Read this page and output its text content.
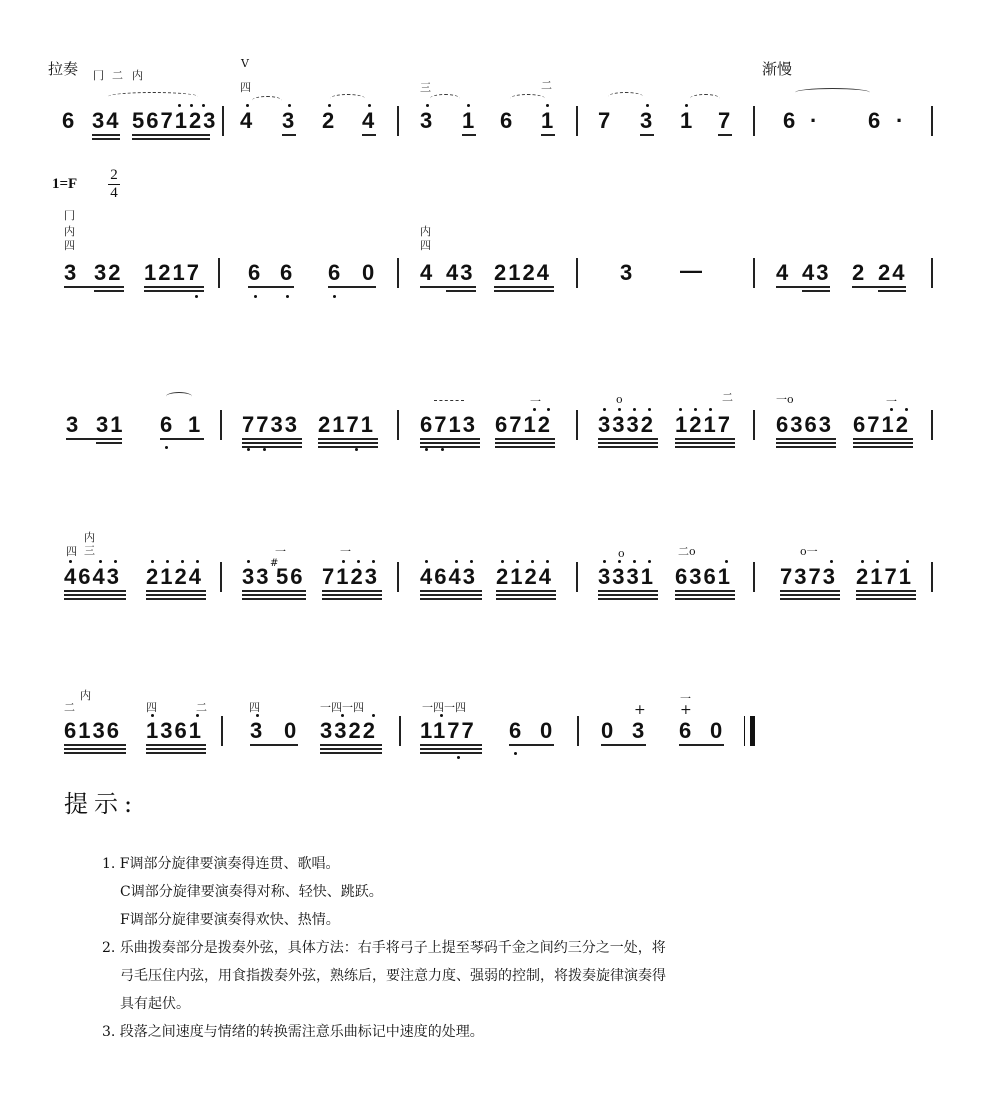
拉奏	渐慢
冂 二 内
V
四	三	二
6 34 567123 4 3 2 4 3 1 6 1 7 3 1 7 6 · 6 ·
1=F
2
4
冂
内
四
内
四
3 32 1217 6 6 6 0 4 43 2124	3 —	4 43 2 24
一	o	二	一o	一
3 31 6 1 7733 2171 6713 6712 3332 1217 6363 6712
内
四 三	一	一	o	二o	o一
4643 2124 33
#
56 7123 4643 2124 3331 6361 7373 2171
二
内
四	二	四	一四一四	一四一四	+
一
+
6136 1361 3 0 3322 1177 6 0 0 3 6 0
提示:
1. F调部分旋律要演奏得连贯、歌唱。
C调部分旋律要演奏得对称、轻快、跳跃。
F调部分旋律要演奏得欢快、热情。
2. 乐曲拨奏部分是拨奏外弦，具体方法：右手将弓子上提至琴码千金之间约三分之一处，将
弓毛压住内弦，用食指拨奏外弦，熟练后，要注意力度、强弱的控制，将拨奏旋律演奏得
具有起伏。
3. 段落之间速度与情绪的转换需注意乐曲标记中速度的处理。
